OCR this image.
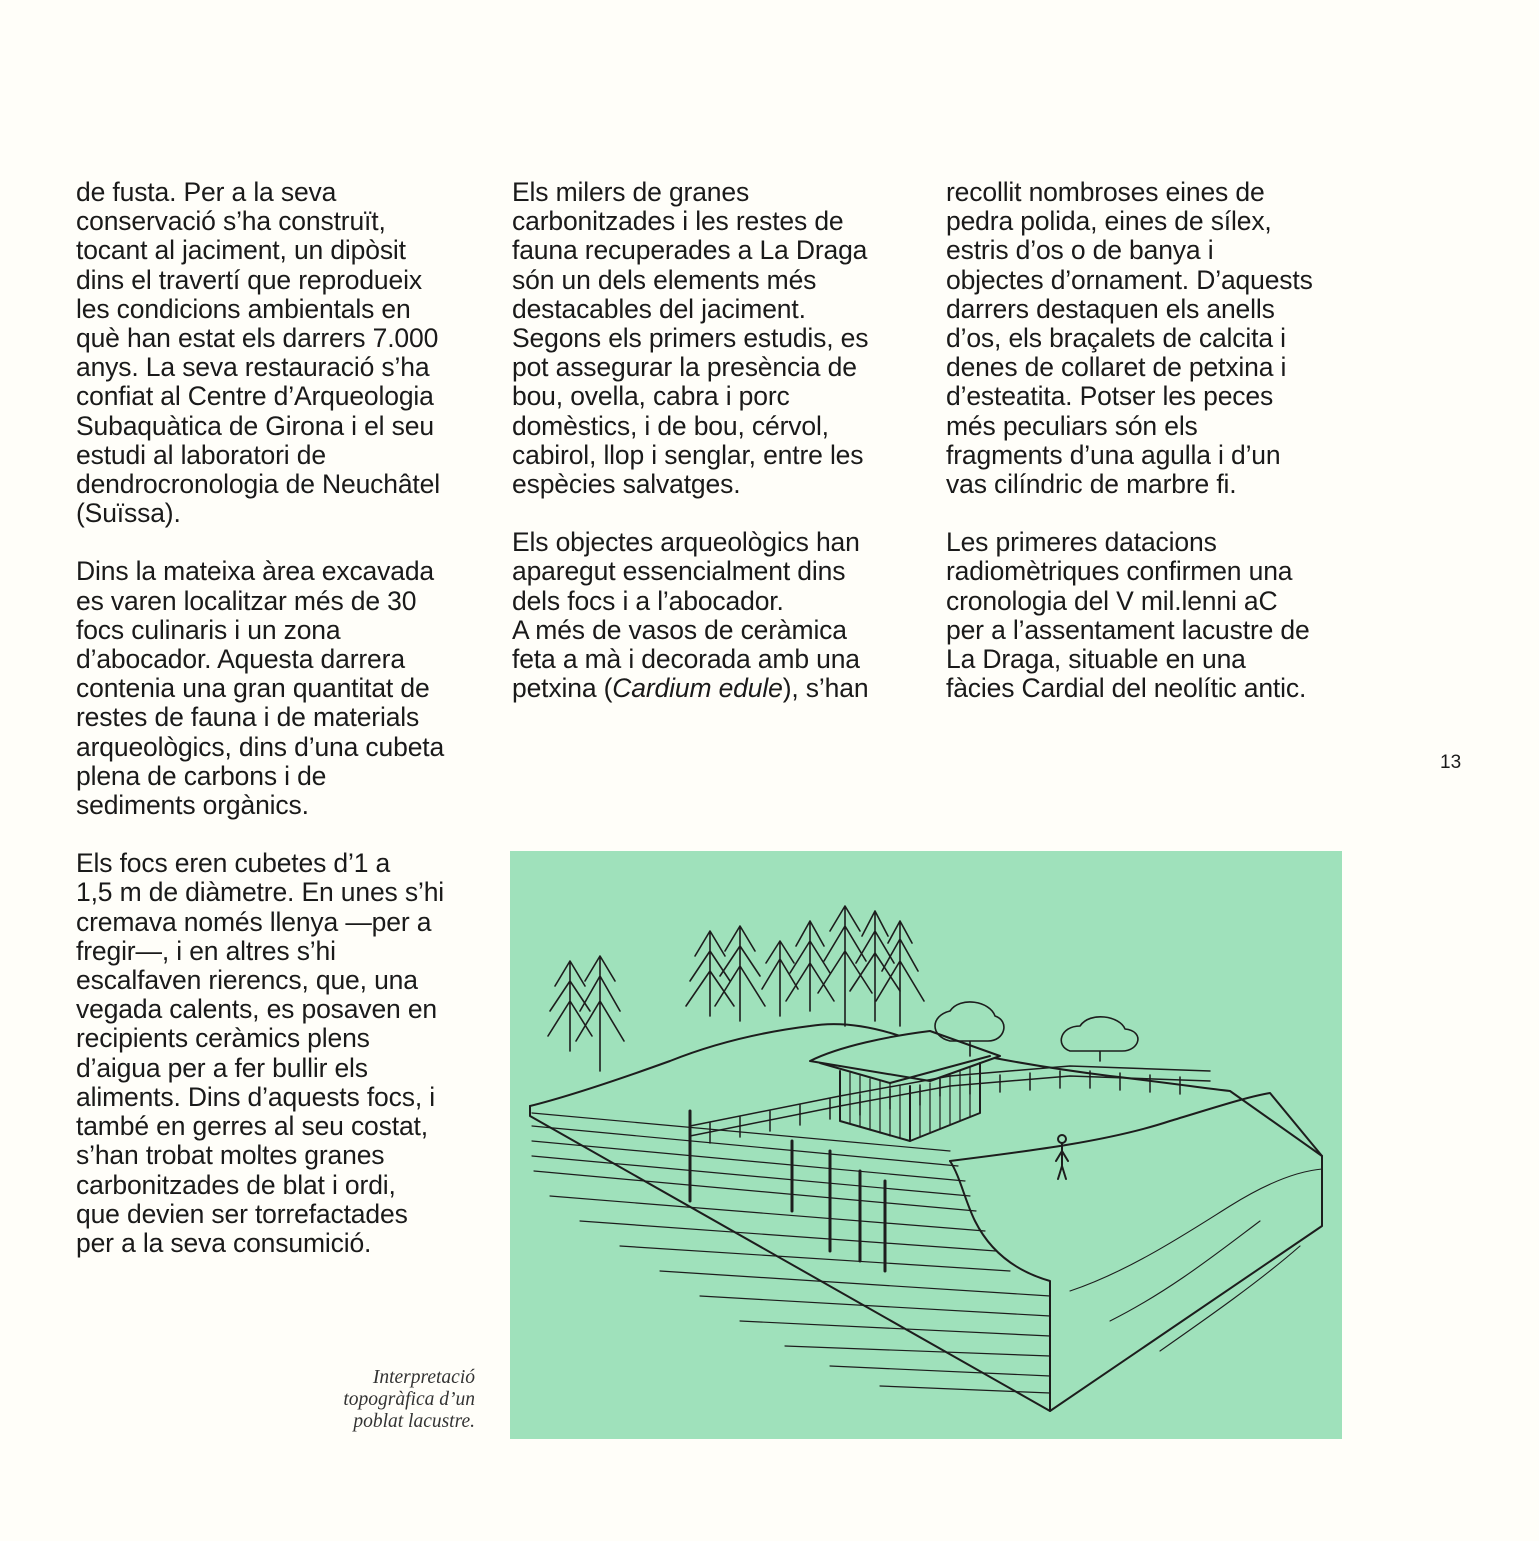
de fusta. Per a la seva
conservació s’ha construït,
tocant al jaciment, un dipòsit
dins el travertí que reprodueix
les condicions ambientals en
què han estat els darrers 7.000
anys. La seva restauració s’ha
confiat al Centre d’Arqueologia
Subaquàtica de Girona i el seu
estudi al laboratori de
dendrocronologia de Neuchâtel
(Suïssa).

Dins la mateixa àrea excavada
es varen localitzar més de 30
focs culinaris i un zona
d’abocador. Aquesta darrera
contenia una gran quantitat de
restes de fauna i de materials
arqueològics, dins d’una cubeta
plena de carbons i de
sediments orgànics.

Els focs eren cubetes d’1 a
1,5 m de diàmetre. En unes s’hi
cremava només llenya —per a
fregir—, i en altres s’hi
escalfaven rierencs, que, una
vegada calents, es posaven en
recipients ceràmics plens
d’aigua per a fer bullir els
aliments. Dins d’aquests focs, i
també en gerres al seu costat,
s’han trobat moltes granes
carbonitzades de blat i ordi,
que devien ser torrefactades
per a la seva consumició.

Els milers de granes
carbonitzades i les restes de
fauna recuperades a La Draga
són un dels elements més
destacables del jaciment.
Segons els primers estudis, es
pot assegurar la presència de
bou, ovella, cabra i porc
domèstics, i de bou, cérvol,
cabirol, llop i senglar, entre les
espècies salvatges.

Els objectes arqueològics han
aparegut essencialment dins
dels focs i a l’abocador.
A més de vasos de ceràmica
feta a mà i decorada amb una
petxina (Cardium edule), s’han

recollit nombroses eines de
pedra polida, eines de sílex,
estris d’os o de banya i
objectes d’ornament. D’aquests
darrers destaquen els anells
d’os, els braçalets de calcita i
denes de collaret de petxina i
d’esteatita. Potser les peces
més peculiars són els
fragments d’una agulla i d’un
vas cilíndric de marbre fi.

Les primeres datacions
radiomètriques confirmen una
cronologia del V mil.lenni aC
per a l’assentament lacustre de
La Draga, situable en una
fàcies Cardial del neolític antic.

13
Interpretació
topogràfica d’un
poblat lacustre.
